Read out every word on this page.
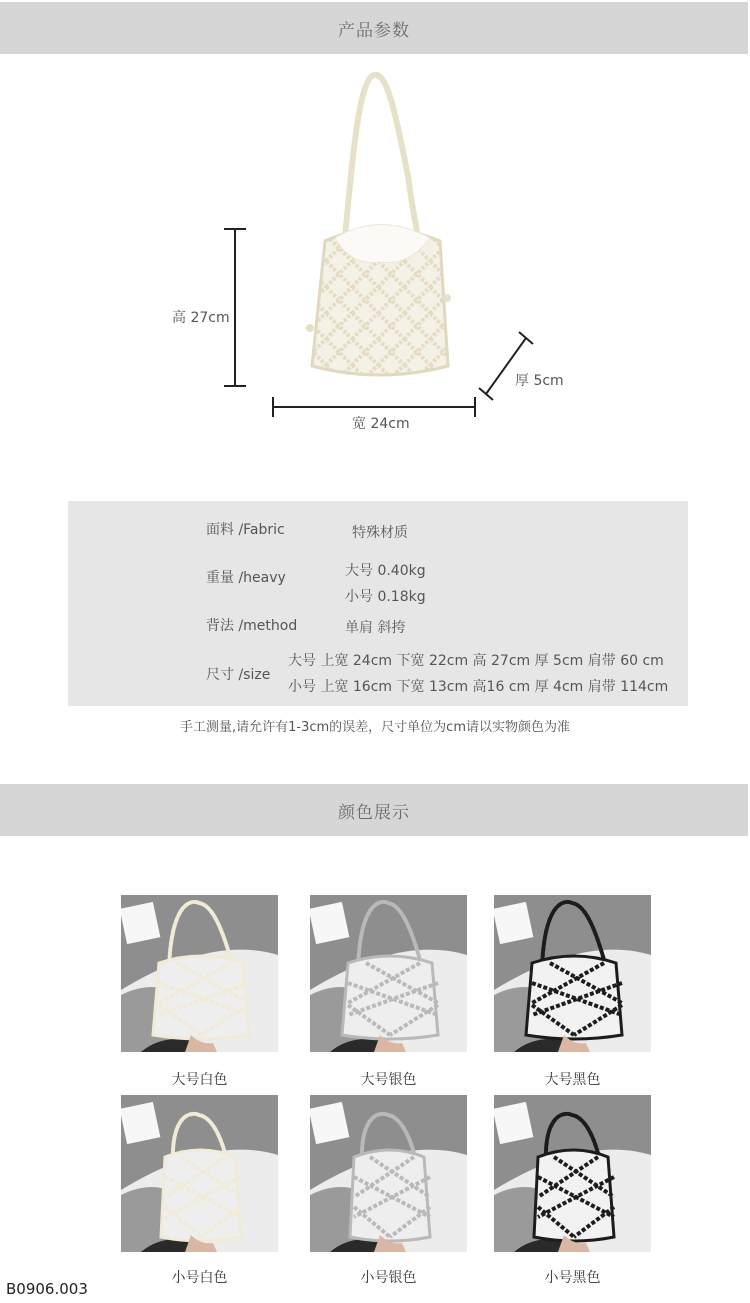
产品参数
高 27cm
宽 24cm
厚 5cm
面料 /Fabric	特殊材质
重量 /heavy	大号 0.40kg
小号 0.18kg
背法 /method	单肩 斜挎
尺寸 /size
大号 上宽 24cm 下宽 22cm 高 27cm 厚 5cm 肩带 60 cm
小号 上宽 16cm 下宽 13cm 高16 cm 厚 4cm 肩带 114cm
手工测量,请允许有1-3cm的误差，尺寸单位为cm请以实物颜色为准
颜色展示
大号白色	大号银色	大号黑色
小号白色	小号银色	小号黑色
B0906.003
